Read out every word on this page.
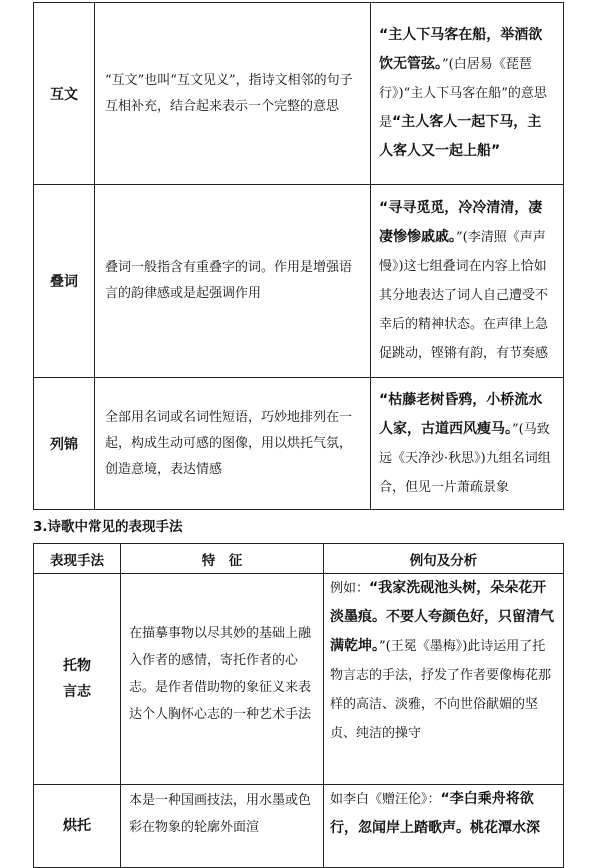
互文	“互文”也叫“互文见义”，指诗文相邻的句子互相补充，结合起来表示一个完整的意思	“主人下马客在船，举酒欲饮无管弦。”(白居易《琵琶行》)“主人下马客在船”的意思是“主人客人一起下马，主人客人又一起上船”
叠词	叠词一般指含有重叠字的词。作用是增强语言的韵律感或是起强调作用	“寻寻觅觅，冷冷清清，凄凄惨惨戚戚。”(李清照《声声慢》)这七组叠词在内容上恰如其分地表达了词人自己遭受不幸后的精神状态。在声律上急促跳动，铿锵有韵，有节奏感
列锦	全部用名词或名词性短语，巧妙地排列在一起，构成生动可感的图像，用以烘托气氛，创造意境，表达情感	“枯藤老树昏鸦，小桥流水人家，古道西风瘦马。”(马致远《天净沙·秋思》)九组名词组合，但见一片萧疏景象
3.诗歌中常见的表现手法
表现手法	特　征	例句及分析
托物
言志	在描摹事物以尽其妙的基础上融入作者的感情，寄托作者的心志。是作者借助物的象征义来表达个人胸怀心志的一种艺术手法	例如：“我家洗砚池头树，朵朵花开淡墨痕。不要人夸颜色好，只留清气满乾坤。”(王冕《墨梅》)此诗运用了托物言志的手法，抒发了作者要像梅花那样的高洁、淡雅，不向世俗献媚的坚贞、纯洁的操守
烘托	本是一种国画技法，用水墨或色彩在物象的轮廓外面渲	如李白《赠汪伦》：“李白乘舟将欲行，忽闻岸上踏歌声。桃花潭水深
